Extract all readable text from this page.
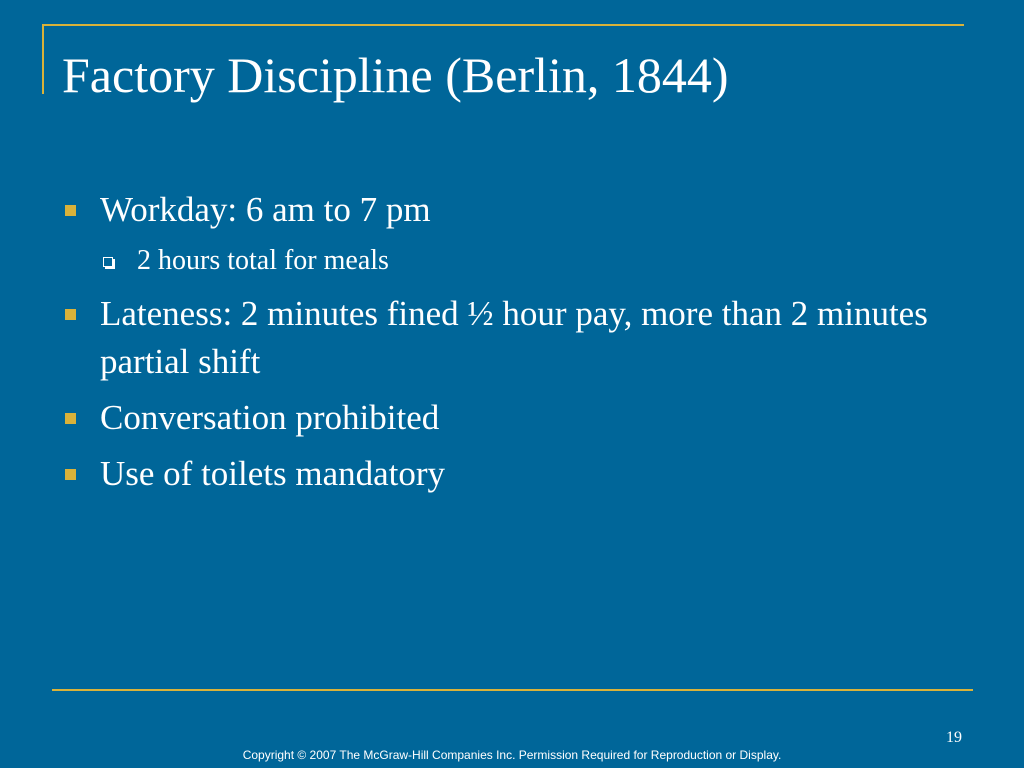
Factory Discipline (Berlin, 1844)
Workday: 6 am to 7 pm
2 hours total for meals
Lateness: 2 minutes fined ½ hour pay, more than 2 minutes partial shift
Conversation prohibited
Use of toilets mandatory
19
Copyright © 2007 The McGraw-Hill Companies Inc. Permission Required for Reproduction or Display.
